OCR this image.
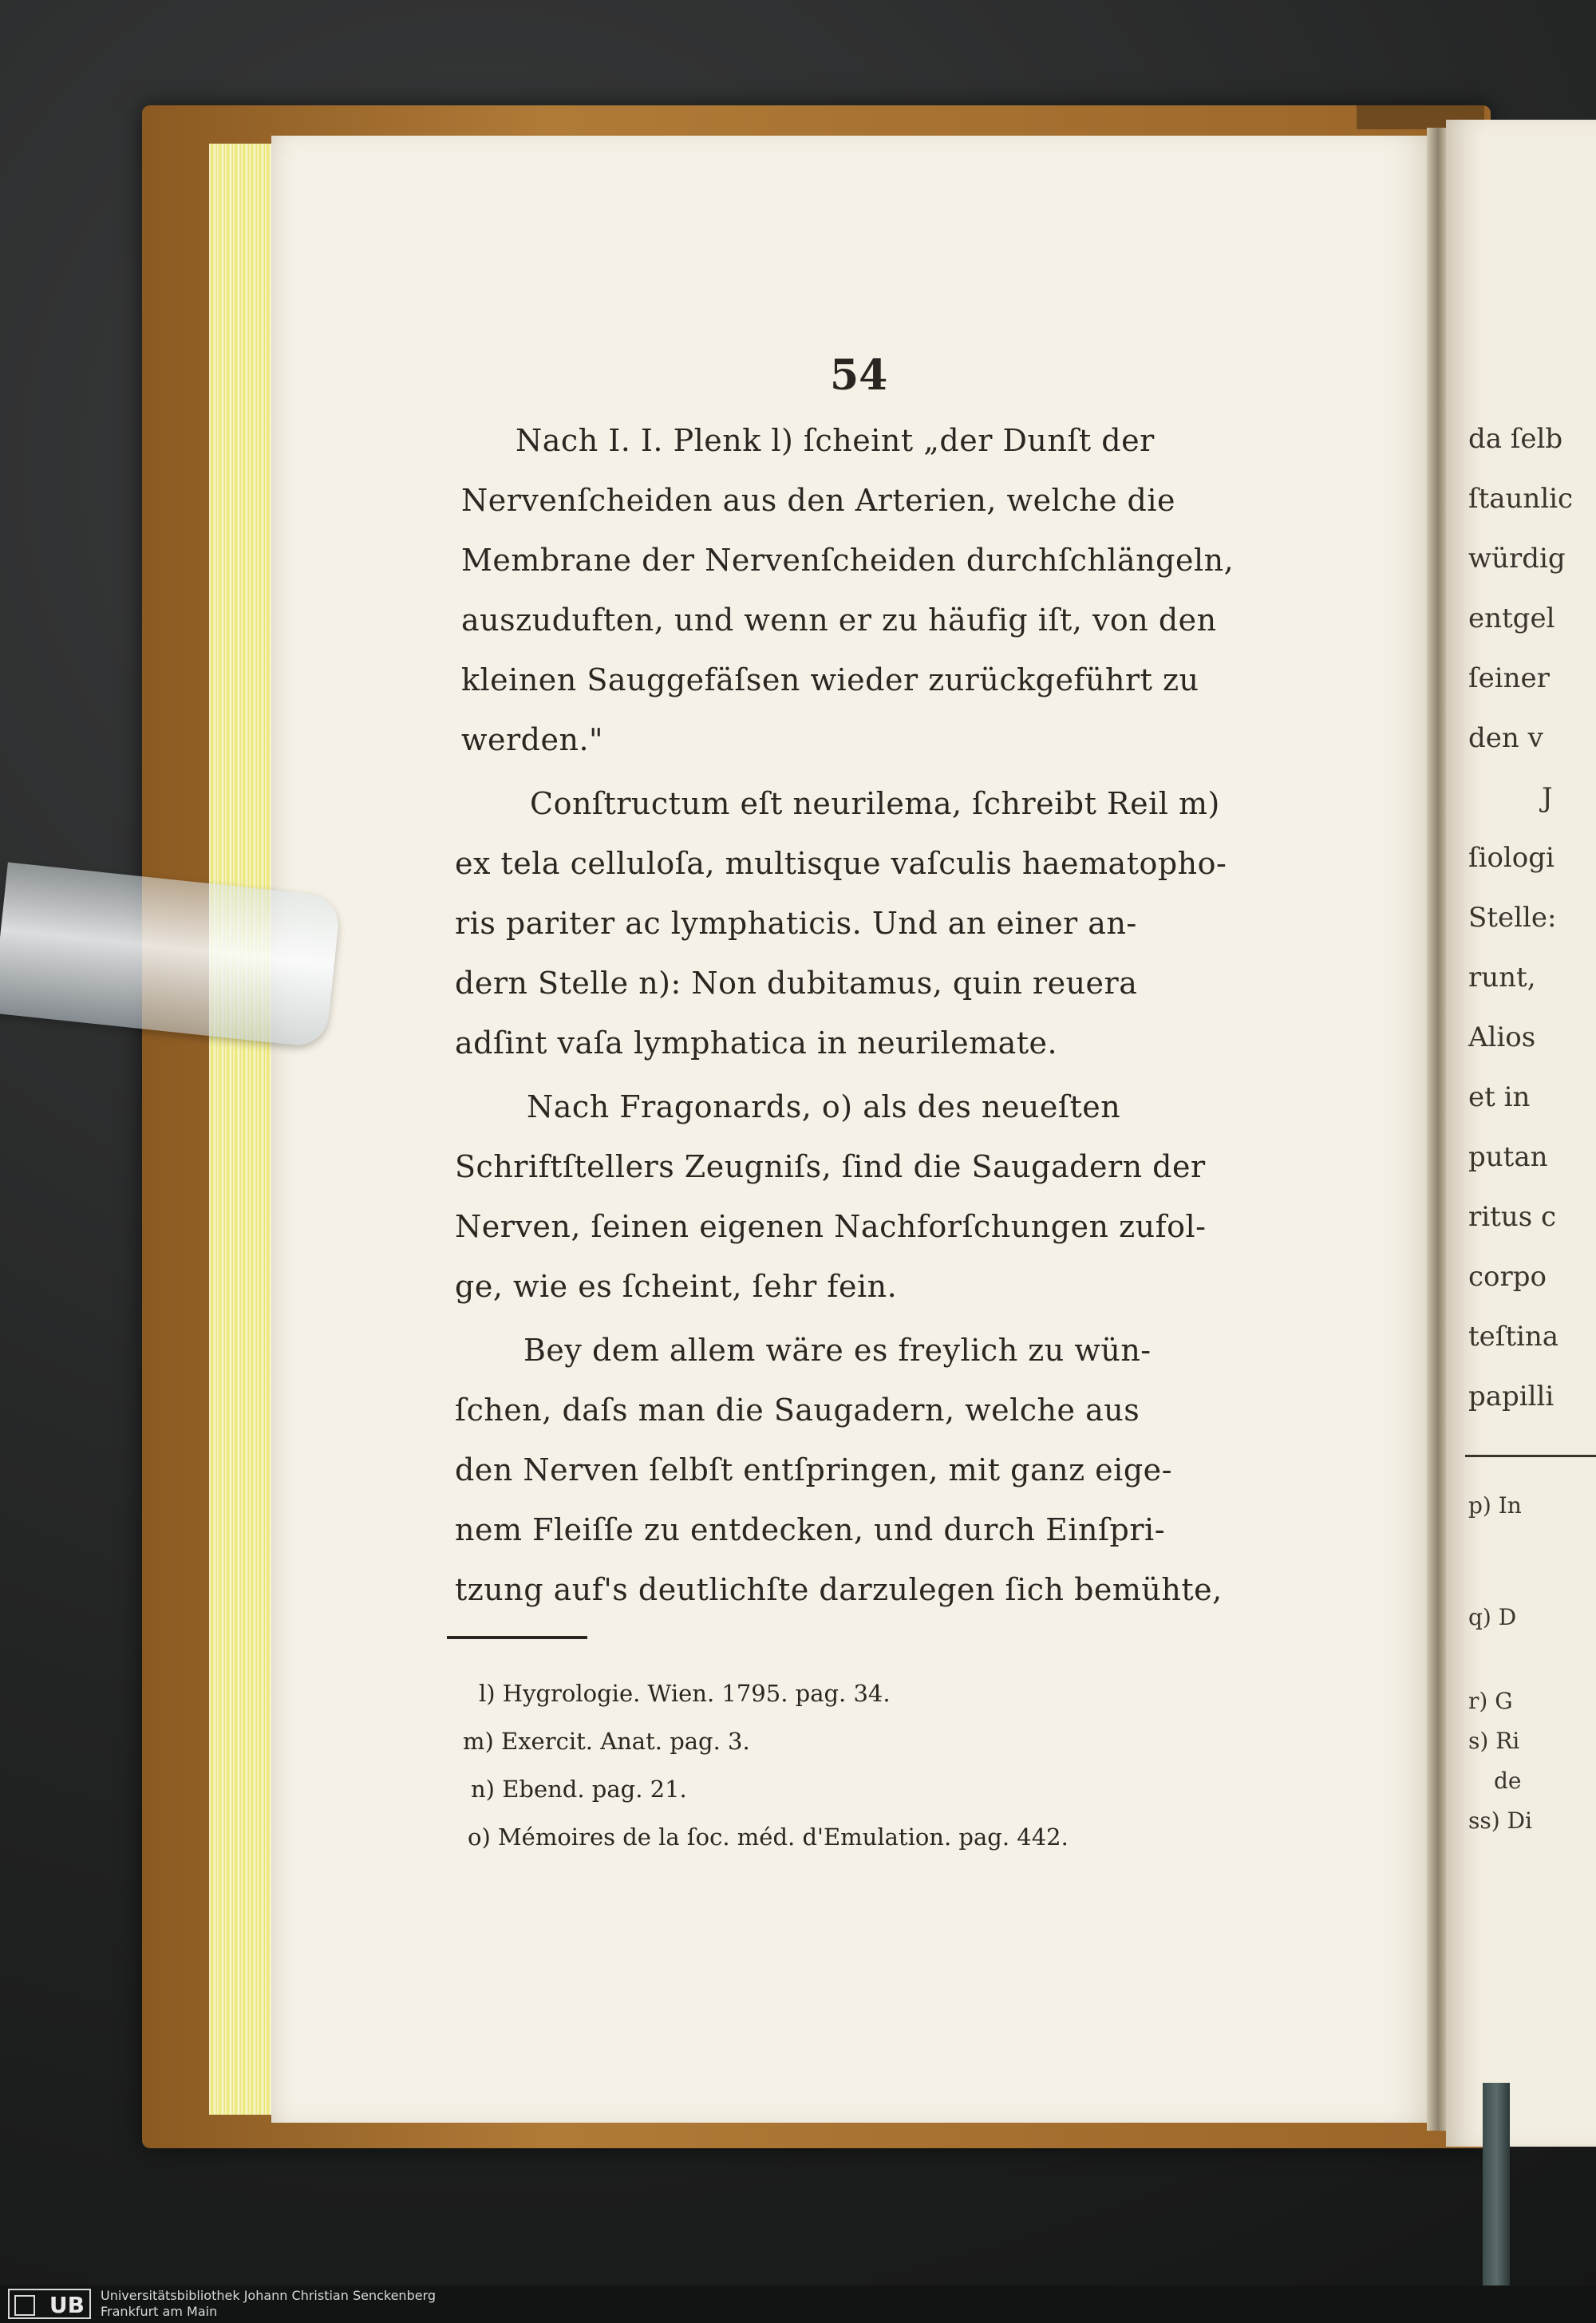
da ſelb
ſtaunlic
würdig
entgel
ſeiner
den v
J
ſiologi
Stelle:
runt,
Alios
et in
putan
ritus c
corpo
teſtina
papilli
p) In
q) D
r) G
s) Ri
de
ss) Di
54
Nach I. I. Plenk l) ſcheint „der Dunſt der
Nervenſcheiden aus den Arterien, welche die
Membrane der Nervenſcheiden durchſchlängeln,
auszuduften, und wenn er zu häufig iſt, von den
kleinen Sauggefäſsen wieder zurückgeführt zu
werden."
Conſtructum eſt neurilema, ſchreibt Reil m)
ex tela celluloſa, multisque vaſculis haematopho-
ris pariter ac lymphaticis. Und an einer an-
dern Stelle n): Non dubitamus, quin reuera
adſint vaſa lymphatica in neurilemate.
Nach Fragonards, o) als des neueſten
Schriftſtellers Zeugniſs, ſind die Saugadern der
Nerven, ſeinen eigenen Nachforſchungen zufol-
ge, wie es ſcheint, ſehr fein.
Bey dem allem wäre es freylich zu wün-
ſchen, daſs man die Saugadern, welche aus
den Nerven ſelbſt entſpringen, mit ganz eige-
nem Fleiſſe zu entdecken, und durch Einſpri-
tzung auf's deutlichſte darzulegen ſich bemühte,
l) Hygrologie. Wien. 1795. pag. 34.
m) Exercit. Anat. pag. 3.
n) Ebend. pag. 21.
o) Mémoires de la ſoc. méd. d'Emulation. pag. 442.
UB	Universitätsbibliothek Johann Christian Senckenberg
Frankfurt am Main
